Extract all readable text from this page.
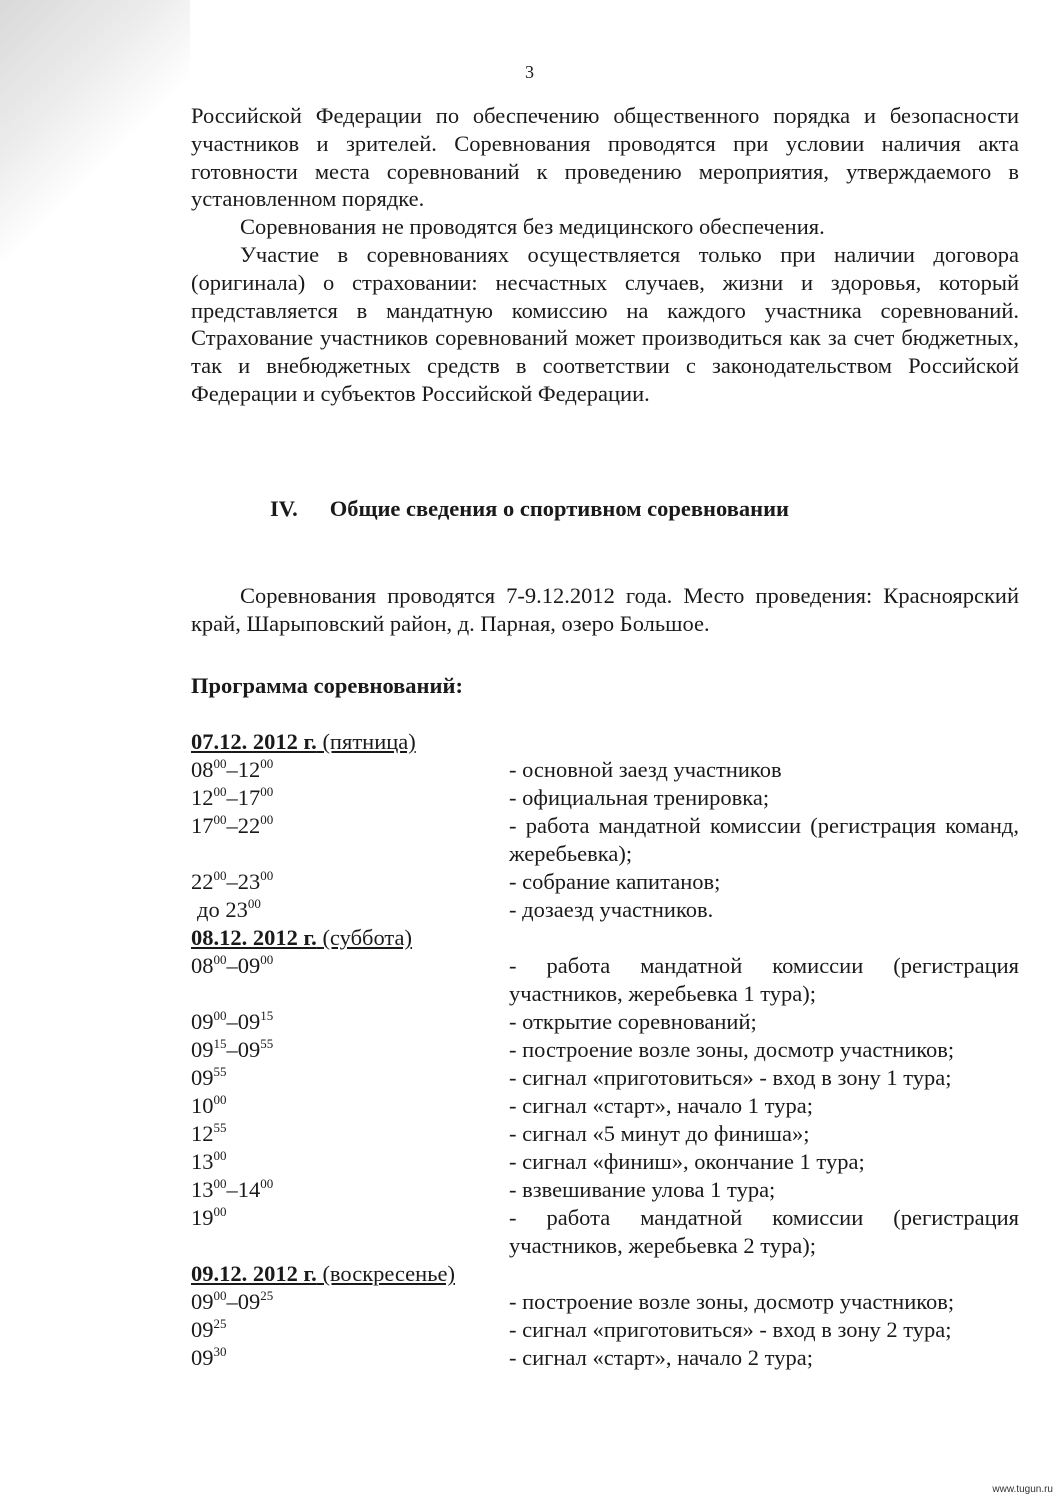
3

Российской Федерации по обеспечению общественного порядка и безопасности участников и зрителей. Соревнования проводятся при условии наличия акта готовности места соревнований к проведению мероприятия, утверждаемого в установленном порядке.

Соревнования не проводятся без медицинского обеспечения.

Участие в соревнованиях осуществляется только при наличии договора (оригинала) о страховании: несчастных случаев, жизни и здоровья, который представляется в мандатную комиссию на каждого участника соревнований. Страхование участников соревнований может производиться как за счет бюджетных, так и внебюджетных средств в соответствии с законодательством Российской Федерации и субъектов Российской Федерации.

IV. Общие сведения о спортивном соревновании
Соревнования проводятся 7-9.12.2012 года. Место проведения: Красноярский край, Шарыповский район, д. Парная, озеро Большое.
Программа соревнований:
07.12. 2012 г. (пятница)
$08^{00}-12^{00}$	- основной заезд участников
$12^{00}-17^{00}$	- официальная тренировка;
$17^{00}-22^{00}$	- работа мандатной комиссии (регистрация команд, жеребьевка);
$22^{00}-23^{00}$	- собрание капитанов;
до $23^{00}$	- дозаезд участников.
08.12. 2012 г. (суббота)
$08^{00}-09^{00}$	- работа мандатной комиссии (регистрация участников, жеребьевка 1 тура);
$09^{00}-09^{15}$	- открытие соревнований;
$09^{15}-09^{55}$	- построение возле зоны, досмотр участников;
$09^{55}$	- сигнал «приготовиться» - вход в зону 1 тура;
$10^{00}$	- сигнал «старт», начало 1 тура;
$12^{55}$	- сигнал «5 минут до финиша»;
$13^{00}$	- сигнал «финиш», окончание 1 тура;
$13^{00}-14^{00}$	- взвешивание улова 1 тура;
$19^{00}$	- работа мандатной комиссии (регистрация участников, жеребьевка 2 тура);
09.12. 2012 г. (воскресенье)
$09^{00}-09^{25}$	- построение возле зоны, досмотр участников;
$09^{25}$	- сигнал «приготовиться» - вход в зону 2 тура;
$09^{30}$	- сигнал «старт», начало 2 тура;
www.tugun.ru
